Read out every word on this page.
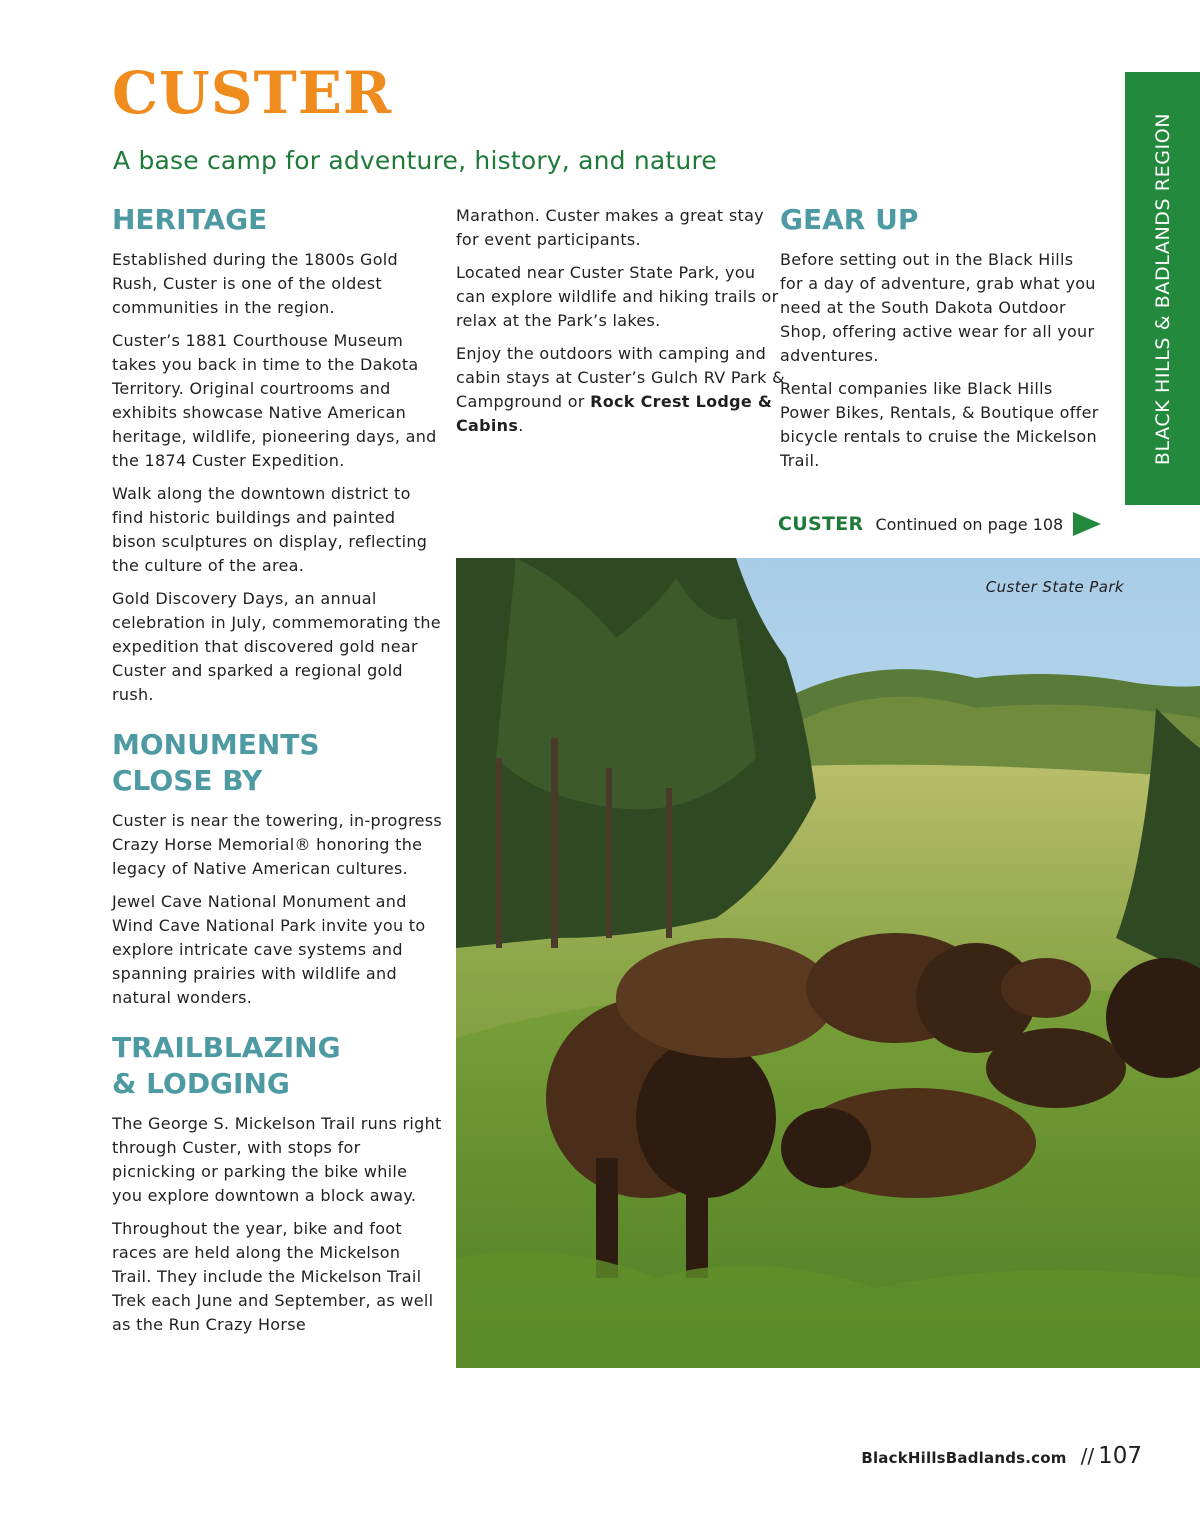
CUSTER
A base camp for adventure, history, and nature
HERITAGE

Established during the 1800s Gold Rush, Custer is one of the oldest communities in the region.

Custer’s 1881 Courthouse Museum takes you back in time to the Dakota Territory. Original courtrooms and exhibits showcase Native American heritage, wildlife, pioneering days, and the 1874 Custer Expedition.

Walk along the downtown district to find historic buildings and painted bison sculptures on display, reflecting the culture of the area.

Gold Discovery Days, an annual celebration in July, commemorating the expedition that discovered gold near Custer and sparked a regional gold rush.

MONUMENTS
CLOSE BY

Custer is near the towering, in-progress Crazy Horse Memorial® honoring the legacy of Native American cultures.

Jewel Cave National Monument and Wind Cave National Park invite you to explore intricate cave systems and spanning prairies with wildlife and natural wonders.

TRAILBLAZING
& LODGING

The George S. Mickelson Trail runs right through Custer, with stops for picnicking or parking the bike while you explore downtown a block away.

Throughout the year, bike and foot races are held along the Mickelson Trail. They include the Mickelson Trail Trek each June and September, as well as the Run Crazy Horse

Marathon. Custer makes a great stay for event participants.

Located near Custer State Park, you can explore wildlife and hiking trails or relax at the Park’s lakes.

Enjoy the outdoors with camping and cabin stays at Custer’s Gulch RV Park & Campground or Rock Crest Lodge & Cabins.

GEAR UP

Before setting out in the Black Hills for a day of adventure, grab what you need at the South Dakota Outdoor Shop, offering active wear for all your adventures.

Rental companies like Black Hills Power Bikes, Rentals, & Boutique offer bicycle rentals to cruise the Mickelson Trail.

CUSTER Continued on page 108
BLACK HILLS & BADLANDS REGION
Custer State Park
BlackHillsBadlands.com // 107
